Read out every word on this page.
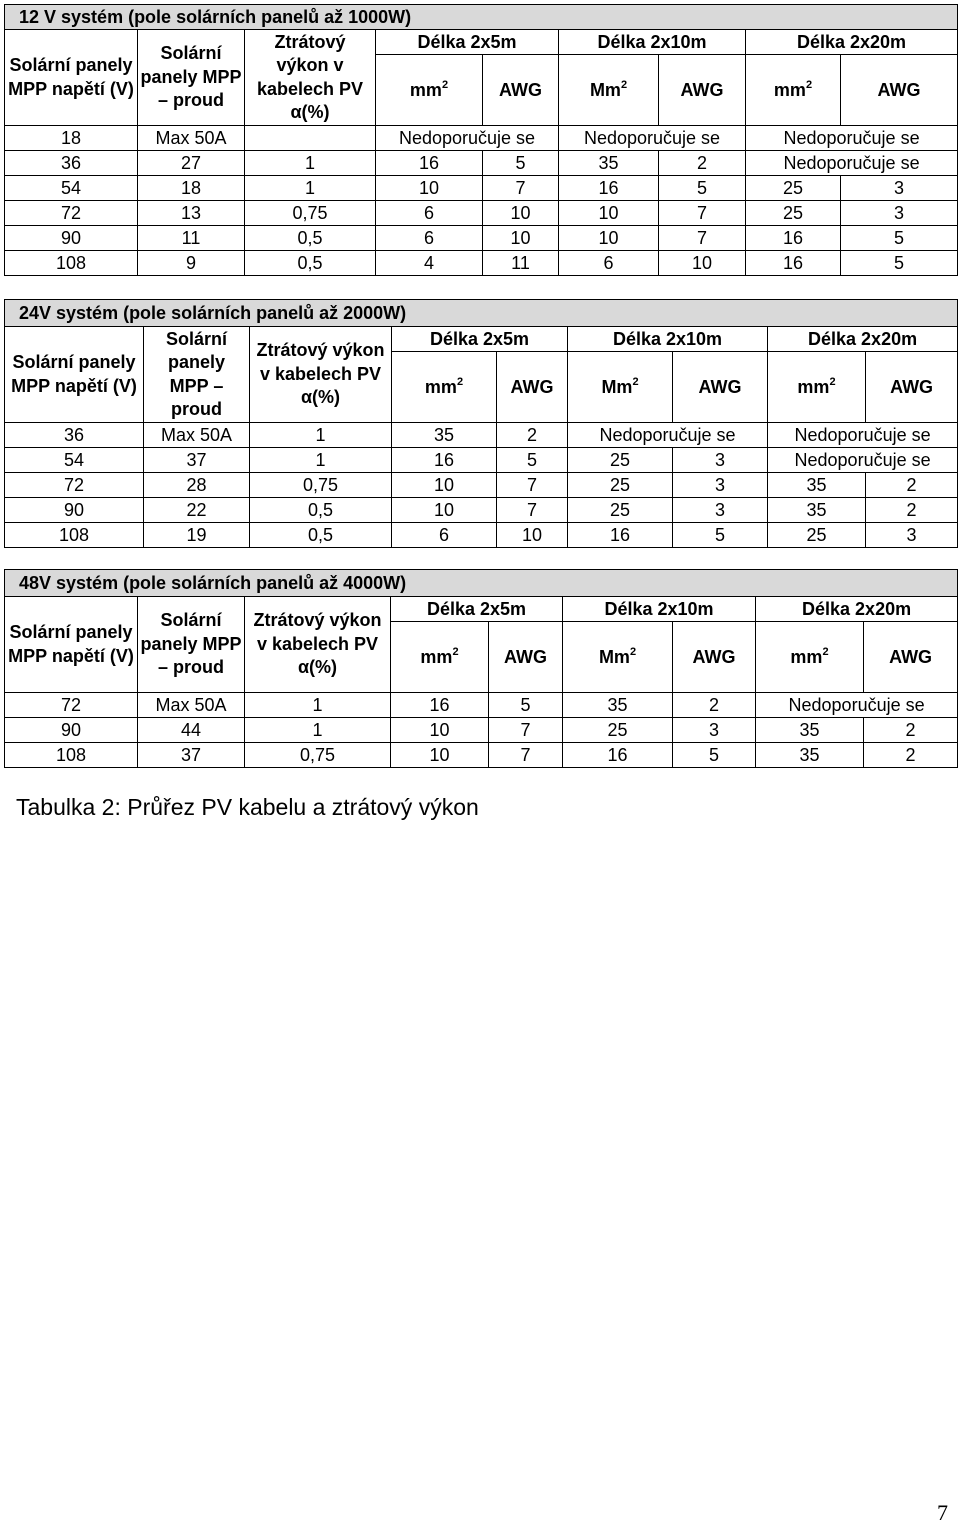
12 V systém (pole solárních panelů až 1000W)								
Solární panely MPP napětí (V)	Solární panely MPP – proud	Ztrátový výkon v kabelech PV α(%)	Délka 2x5m		Délka 2x10m		Délka 2x20m	
			$mm^2$	AWG	Mm$^2$	AWG	$mm^2$	AWG
18	Max 50A		Nedoporučuje se		Nedoporučuje se		Nedoporučuje se	
36	27	1	16	5	35	2	Nedoporučuje se	
54	18	1	10	7	16	5	25	3
72	13	0,75	6	10	10	7	25	3
90	11	0,5	6	10	10	7	16	5
108	9	0,5	4	11	6	10	16	5
24V systém (pole solárních panelů až 2000W)								
Solární panely MPP napětí (V)	Solární panely MPP – proud	Ztrátový výkon v kabelech PV α(%)	Délka 2x5m		Délka 2x10m		Délka 2x20m	
			$mm^2$	AWG	Mm$^2$	AWG	$mm^2$	AWG
36	Max 50A	1	35	2	Nedoporučuje se		Nedoporučuje se	
54	37	1	16	5	25	3	Nedoporučuje se	
72	28	0,75	10	7	25	3	35	2
90	22	0,5	10	7	25	3	35	2
108	19	0,5	6	10	16	5	25	3
48V systém (pole solárních panelů až 4000W)								
Solární panely MPP napětí (V)	Solární panely MPP – proud	Ztrátový výkon v kabelech PV α(%)	Délka 2x5m		Délka 2x10m		Délka 2x20m	
			$mm^2$	AWG	Mm$^2$	AWG	$mm^2$	AWG
72	Max 50A	1	16	5	35	2	Nedoporučuje se	
90	44	1	10	7	25	3	35	2
108	37	0,75	10	7	16	5	35	2
Tabulka 2: Průřez PV kabelu a ztrátový výkon
7
